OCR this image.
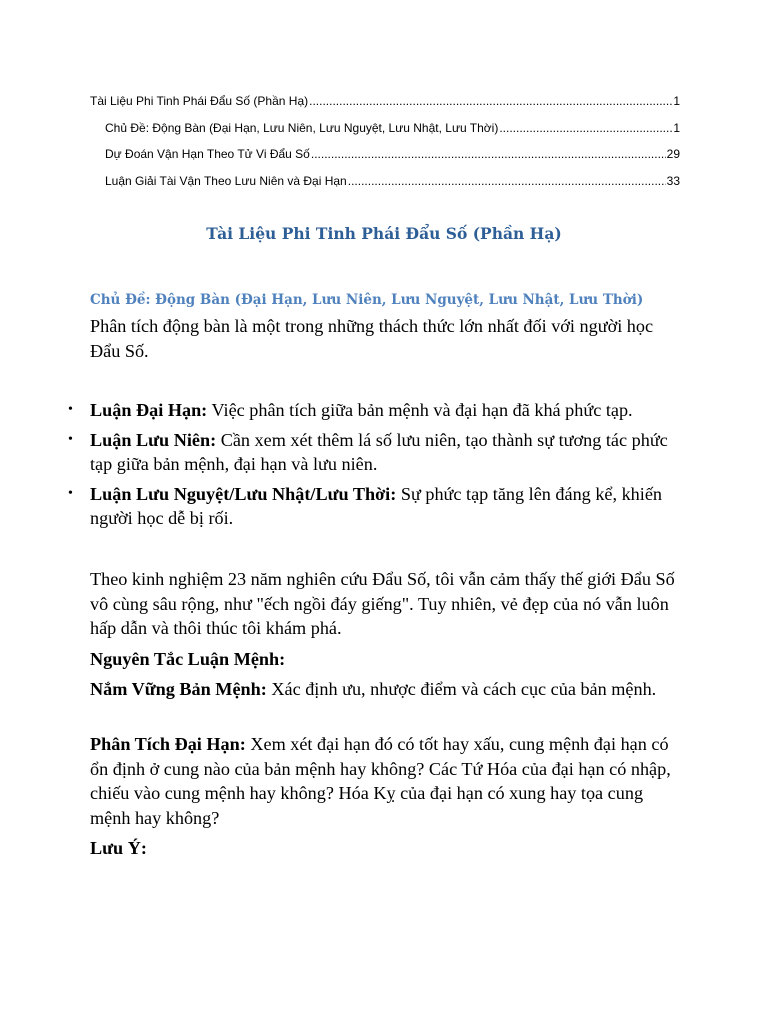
Tài Liệu Phi Tinh Phái Đẩu Số (Phần Hạ) .....	1
Chủ Đề: Động Bàn (Đại Hạn, Lưu Niên, Lưu Nguyệt, Lưu Nhật, Lưu Thời) .....	1
Dự Đoán Vận Hạn Theo Tử Vi Đẩu Số .....	29
Luận Giải Tài Vận Theo Lưu Niên và Đại Hạn .....	33
Tài Liệu Phi Tinh Phái Đẩu Số (Phần Hạ)
Chủ Đề: Động Bàn (Đại Hạn, Lưu Niên, Lưu Nguyệt, Lưu Nhật, Lưu Thời)
Phân tích động bàn là một trong những thách thức lớn nhất đối với người học Đẩu Số.
• Luận Đại Hạn: Việc phân tích giữa bản mệnh và đại hạn đã khá phức tạp.
• Luận Lưu Niên: Cần xem xét thêm lá số lưu niên, tạo thành sự tương tác phức tạp giữa bản mệnh, đại hạn và lưu niên.
• Luận Lưu Nguyệt/Lưu Nhật/Lưu Thời: Sự phức tạp tăng lên đáng kể, khiến người học dễ bị rối.

Theo kinh nghiệm 23 năm nghiên cứu Đẩu Số, tôi vẫn cảm thấy thế giới Đẩu Số vô cùng sâu rộng, như "ếch ngồi đáy giếng". Tuy nhiên, vẻ đẹp của nó vẫn luôn hấp dẫn và thôi thúc tôi khám phá.

Nguyên Tắc Luận Mệnh:

Nắm Vững Bản Mệnh: Xác định ưu, nhược điểm và cách cục của bản mệnh.

Phân Tích Đại Hạn: Xem xét đại hạn đó có tốt hay xấu, cung mệnh đại hạn có ổn định ở cung nào của bản mệnh hay không? Các Tứ Hóa của đại hạn có nhập, chiếu vào cung mệnh hay không? Hóa Kỵ của đại hạn có xung hay tọa cung mệnh hay không?

Lưu Ý:
